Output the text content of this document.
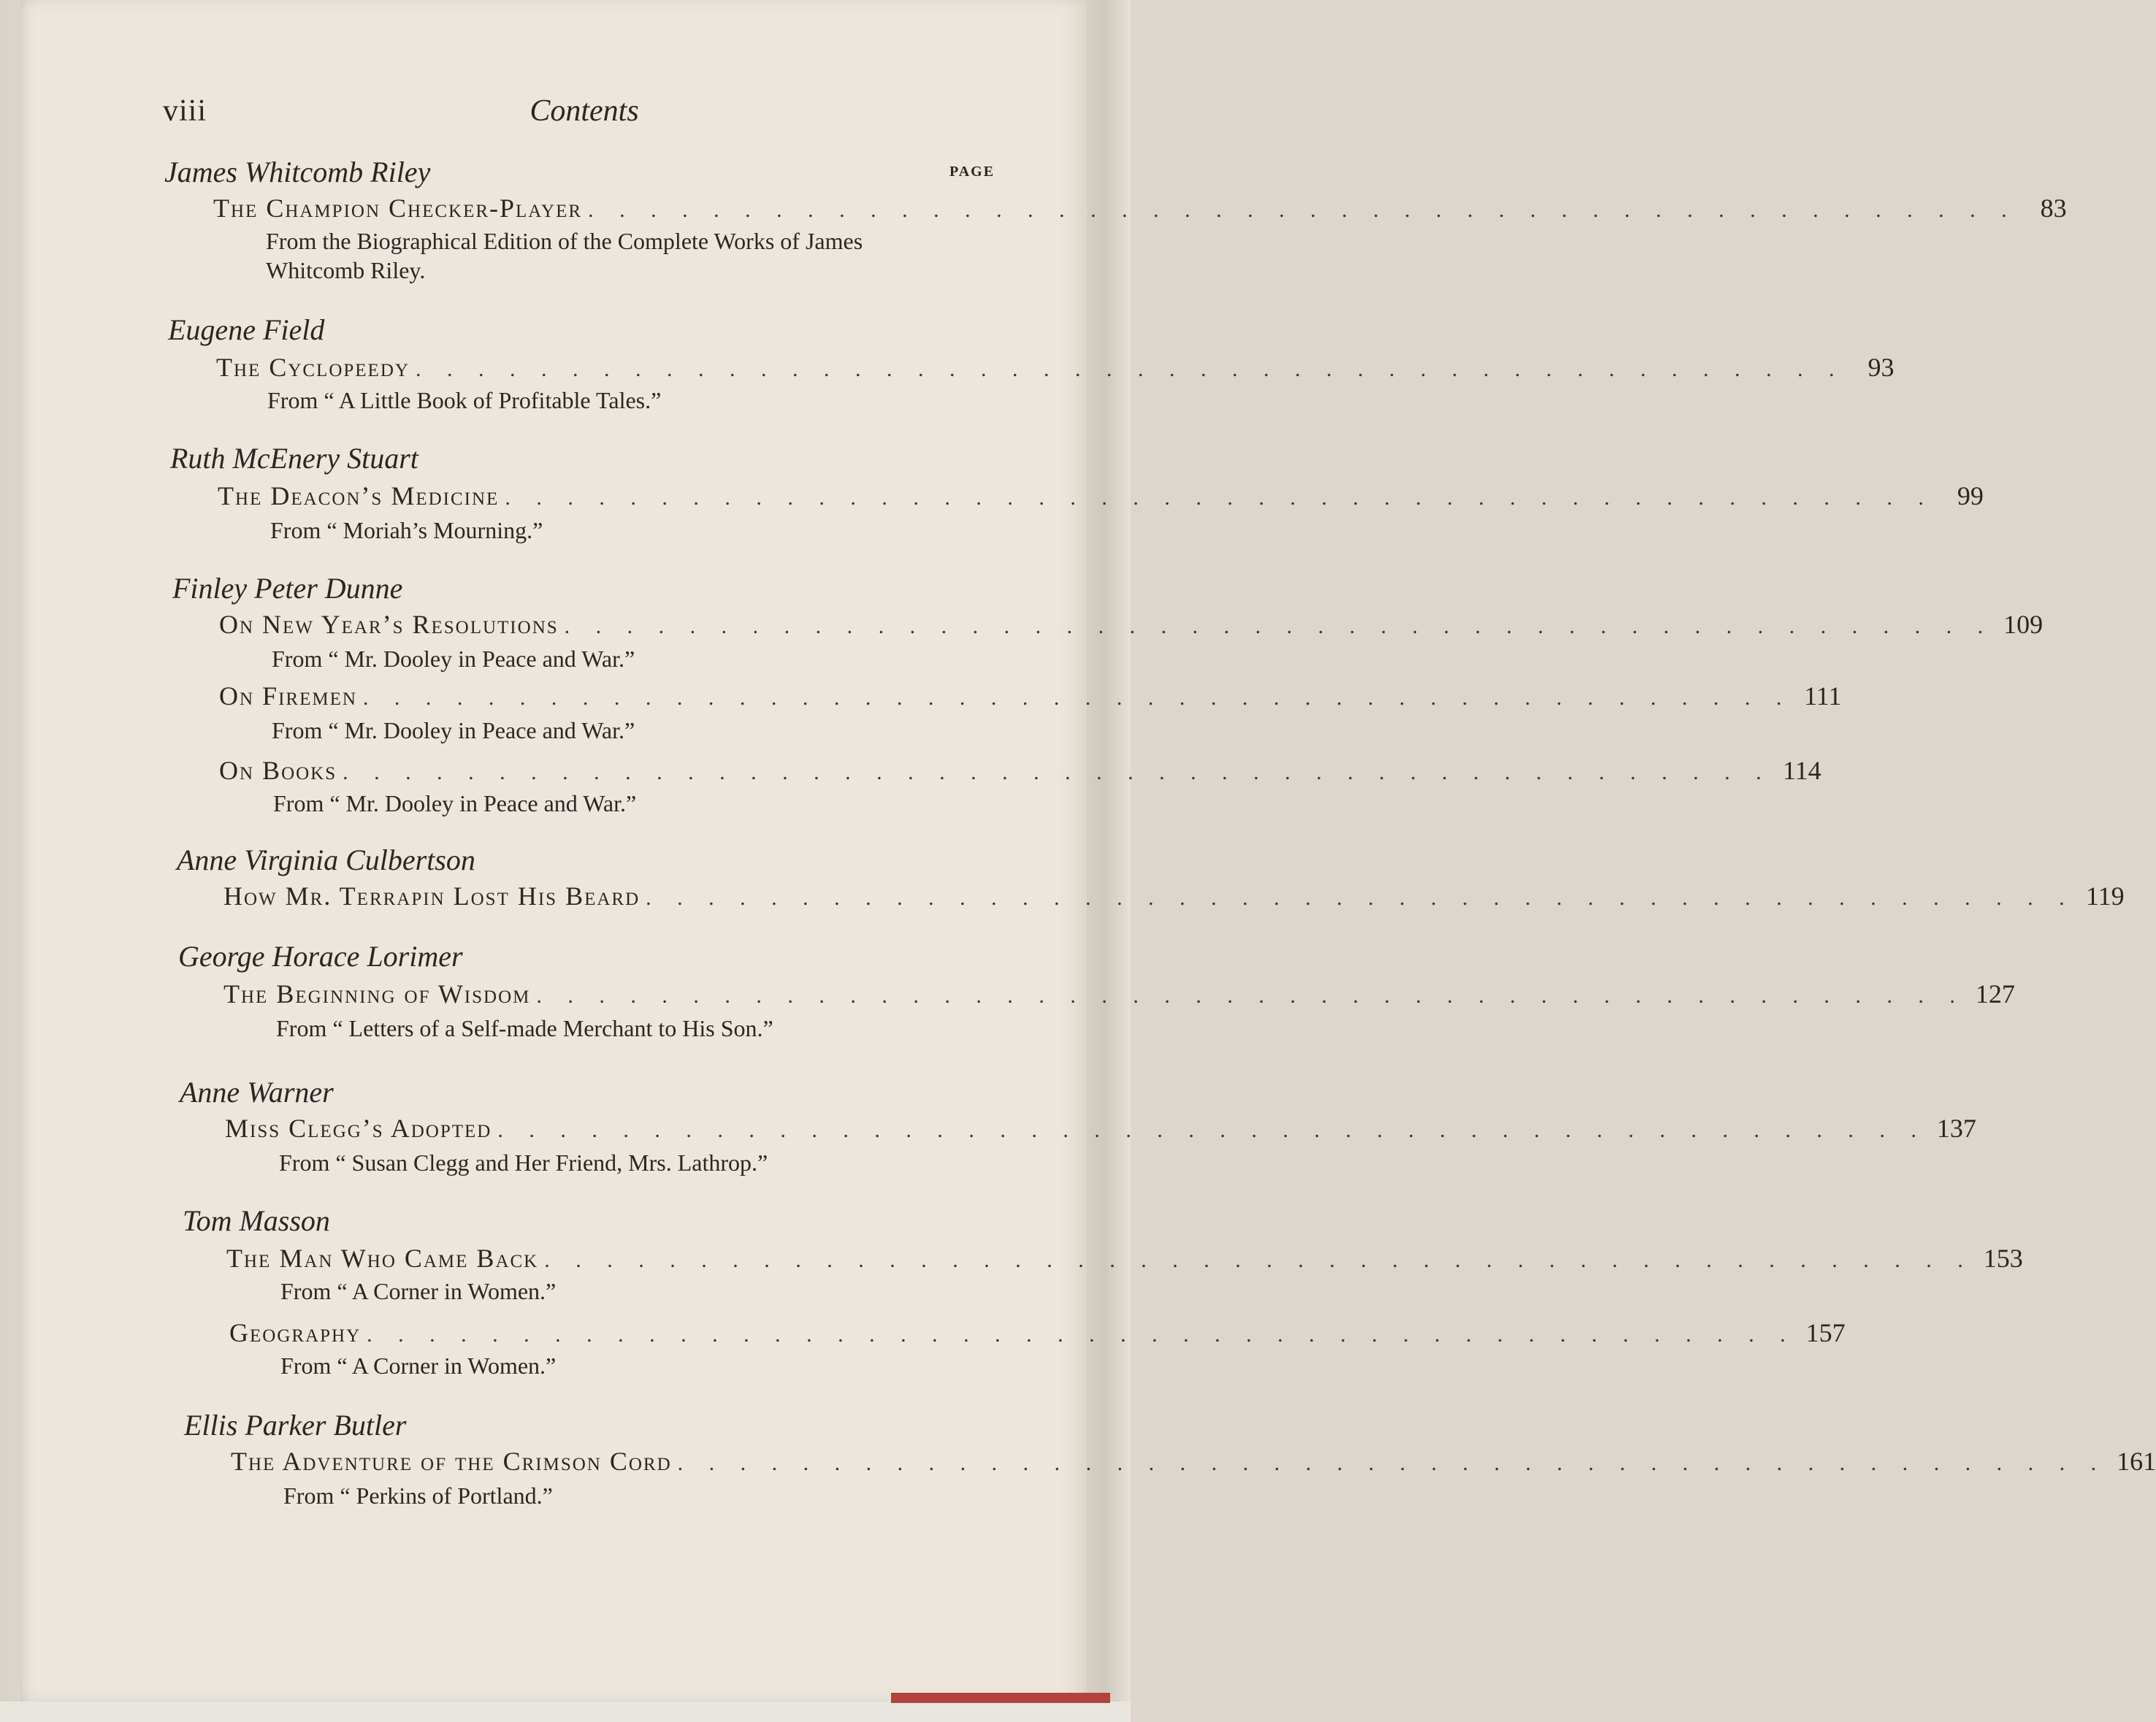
viii	Contents
PAGE
James Whitcomb Riley
The Champion Checker-Player . . . . . . . . . . . . . . . . . . . . . . . . . . . . . . . . . . . . . . . . . . . . . . 83
From the Biographical Edition of the Complete Works of James Whitcomb Riley.
Eugene Field
The Cyclopeedy . . . . . . . . . . . . . . . . . . . . . . . . . . . . . . . . . . . . . . . . . . . . . . 93
From “ A Little Book of Profitable Tales.”
Ruth McEnery Stuart
The Deacon’s Medicine . . . . . . . . . . . . . . . . . . . . . . . . . . . . . . . . . . . . . . . . . . . . . . 99
From “ Moriah’s Mourning.”
Finley Peter Dunne
On New Year’s Resolutions . . . . . . . . . . . . . . . . . . . . . . . . . . . . . . . . . . . . . . . . . . . . . . 109
From “ Mr. Dooley in Peace and War.”
On Firemen . . . . . . . . . . . . . . . . . . . . . . . . . . . . . . . . . . . . . . . . . . . . . . 111
From “ Mr. Dooley in Peace and War.”
On Books . . . . . . . . . . . . . . . . . . . . . . . . . . . . . . . . . . . . . . . . . . . . . . 114
From “ Mr. Dooley in Peace and War.”
Anne Virginia Culbertson
How Mr. Terrapin Lost His Beard . . . . . . . . . . . . . . . . . . . . . . . . . . . . . . . . . . . . . . . . . . . . . . 119
George Horace Lorimer
The Beginning of Wisdom . . . . . . . . . . . . . . . . . . . . . . . . . . . . . . . . . . . . . . . . . . . . . . 127
From “ Letters of a Self-made Merchant to His Son.”
Anne Warner
Miss Clegg’s Adopted . . . . . . . . . . . . . . . . . . . . . . . . . . . . . . . . . . . . . . . . . . . . . . 137
From “ Susan Clegg and Her Friend, Mrs. Lathrop.”
Tom Masson
The Man Who Came Back . . . . . . . . . . . . . . . . . . . . . . . . . . . . . . . . . . . . . . . . . . . . . . 153
From “ A Corner in Women.”
Geography . . . . . . . . . . . . . . . . . . . . . . . . . . . . . . . . . . . . . . . . . . . . . . 157
From “ A Corner in Women.”
Ellis Parker Butler
The Adventure of the Crimson Cord . . . . . . . . . . . . . . . . . . . . . . . . . . . . . . . . . . . . . . . . . . . . . . 161
From “ Perkins of Portland.”
